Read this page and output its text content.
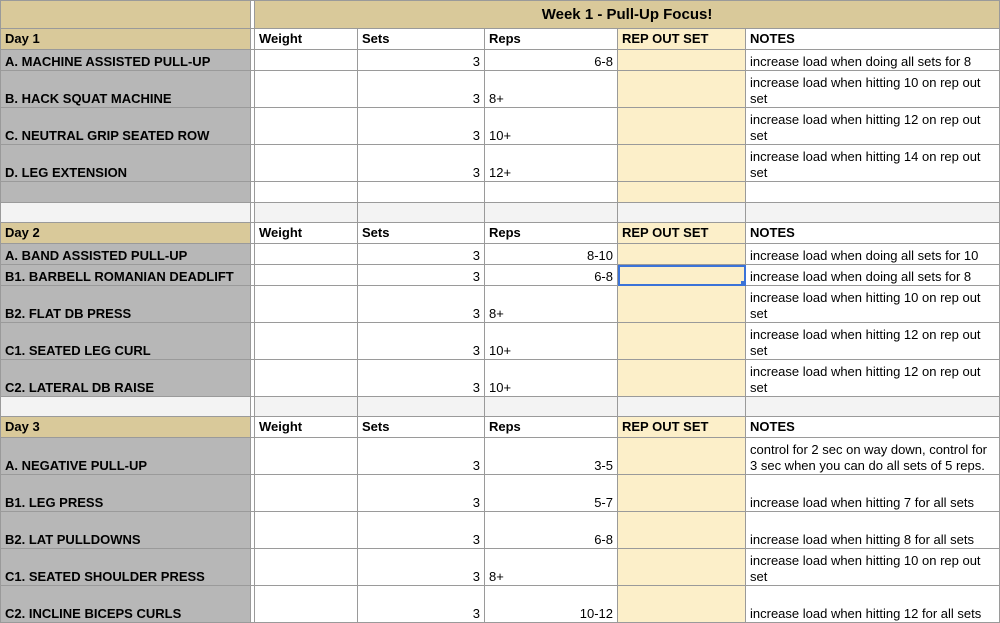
		Week 1 - Pull-Up Focus!				
Day 1		Weight	Sets	Reps	REP OUT SET	NOTES
A. MACHINE ASSISTED PULL-UP			3	6-8		increase load when doing all sets for 8
B. HACK SQUAT MACHINE			3	8+		increase load when hitting 10 on rep out set
C. NEUTRAL GRIP SEATED ROW			3	10+		increase load when hitting 12 on rep out set
D. LEG EXTENSION			3	12+		increase load when hitting 14 on rep out set

Day 2		Weight	Sets	Reps	REP OUT SET	NOTES
A. BAND ASSISTED PULL-UP			3	8-10		increase load when doing all sets for 10
B1. BARBELL ROMANIAN DEADLIFT			3	6-8		increase load when doing all sets for 8
B2. FLAT DB PRESS			3	8+		increase load when hitting 10 on rep out set
C1. SEATED LEG CURL			3	10+		increase load when hitting 12 on rep out set
C2. LATERAL DB RAISE			3	10+		increase load when hitting 12 on rep out set

Day 3		Weight	Sets	Reps	REP OUT SET	NOTES
A. NEGATIVE PULL-UP			3	3-5		control for 2 sec on way down, control for 3 sec when you can do all sets of 5 reps.
B1. LEG PRESS			3	5-7		increase load when hitting 7 for all sets
B2. LAT PULLDOWNS			3	6-8		increase load when hitting 8 for all sets
C1. SEATED SHOULDER PRESS			3	8+		increase load when hitting 10 on rep out set
C2. INCLINE BICEPS CURLS			3	10-12		increase load when hitting 12 for all sets
